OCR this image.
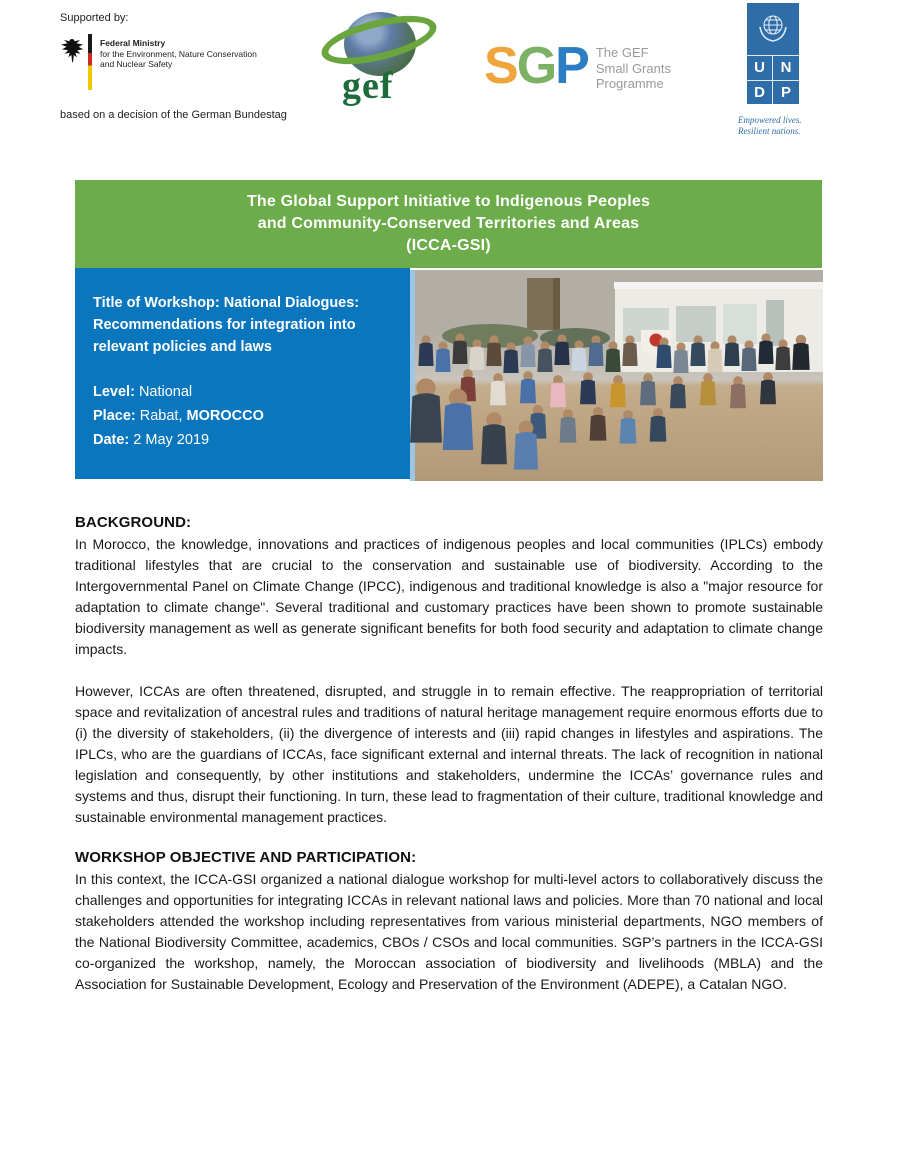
Supported by:
Federal Ministry
for the Environment, Nature Conservation
and Nuclear Safety
based on a decision of the German Bundestag
gef SGP The GEF
Small Grants
Programme
U	N
D	P
Empowered lives.
Resilient nations.
The Global Support Initiative to Indigenous Peoples
and Community-Conserved Territories and Areas
(ICCA-GSI)
Title of Workshop: National Dialogues: Recommendations for integration into relevant policies and laws
Level: National
Place: Rabat, MOROCCO
Date: 2 May 2019
BACKGROUND:

In Morocco, the knowledge, innovations and practices of indigenous peoples and local communities (IPLCs) embody traditional lifestyles that are crucial to the conservation and sustainable use of biodiversity. According to the Intergovernmental Panel on Climate Change (IPCC), indigenous and traditional knowledge is also a "major resource for adaptation to climate change". Several traditional and customary practices have been shown to promote sustainable biodiversity management as well as generate significant benefits for both food security and adaptation to climate change impacts.

However, ICCAs are often threatened, disrupted, and struggle in to remain effective. The reappropriation of territorial space and revitalization of ancestral rules and traditions of natural heritage management require enormous efforts due to (i) the diversity of stakeholders, (ii) the divergence of interests and (iii) rapid changes in lifestyles and aspirations. The IPLCs, who are the guardians of ICCAs, face significant external and internal threats. The lack of recognition in national legislation and consequently, by other institutions and stakeholders, undermine the ICCAs’ governance rules and systems and thus, disrupt their functioning. In turn, these lead to fragmentation of their culture, traditional knowledge and sustainable environmental management practices.

WORKSHOP OBJECTIVE AND PARTICIPATION:

In this context, the ICCA-GSI organized a national dialogue workshop for multi-level actors to collaboratively discuss the challenges and opportunities for integrating ICCAs in relevant national laws and policies. More than 70 national and local stakeholders attended the workshop including representatives from various ministerial departments, NGO members of the National Biodiversity Committee, academics, CBOs / CSOs and local communities. SGP’s partners in the ICCA-GSI co-organized the workshop, namely, the Moroccan association of biodiversity and livelihoods (MBLA) and the Association for Sustainable Development, Ecology and Preservation of the Environment (ADEPE), a Catalan NGO.
